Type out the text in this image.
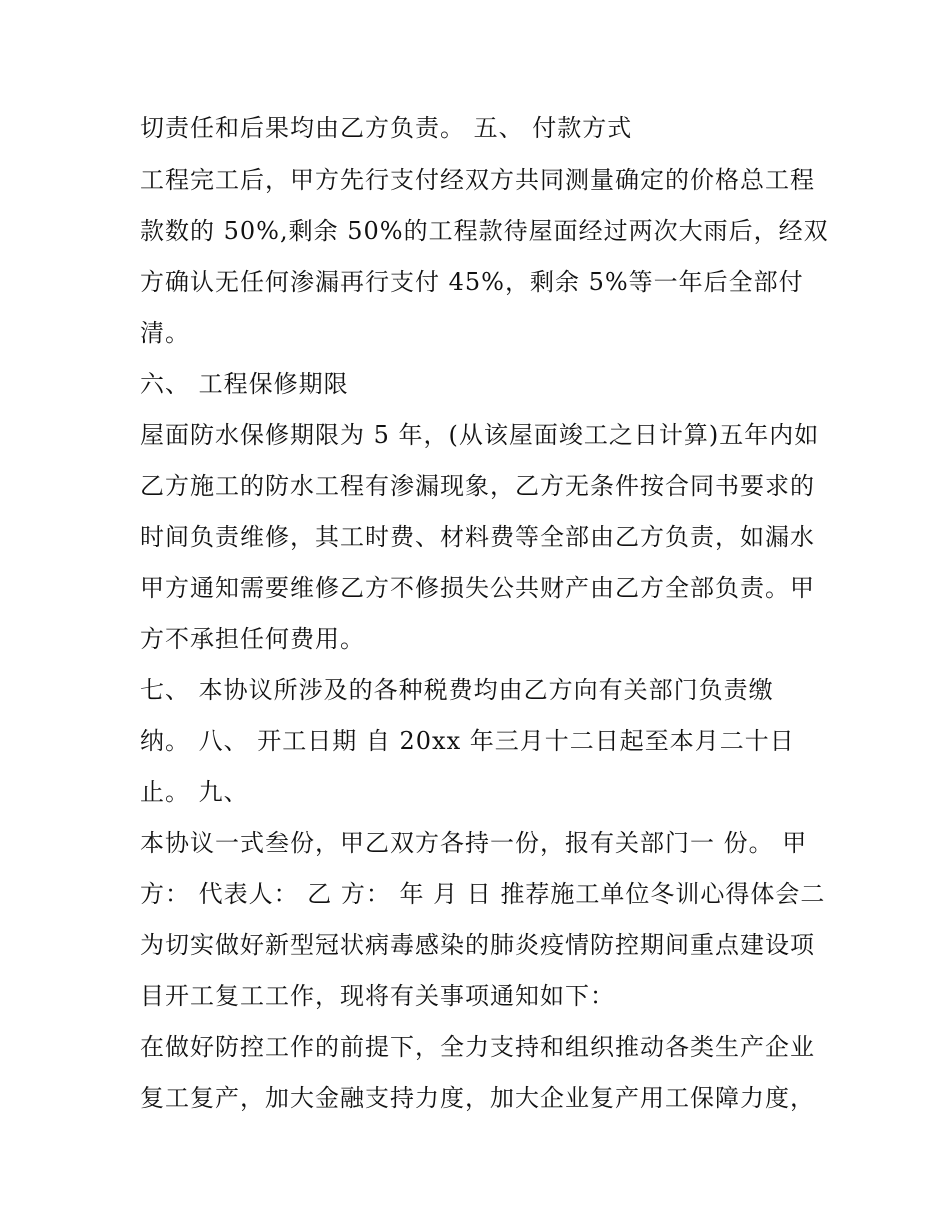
切责任和后果均由乙方负责。 五、 付款方式
工程完工后，甲方先行支付经双方共同测量确定的价格总工程
款数的 50%,剩余 50%的工程款待屋面经过两次大雨后，经双
方确认无任何渗漏再行支付 45%，剩余 5%等一年后全部付
清。
六、 工程保修期限
屋面防水保修期限为 5 年，(从该屋面竣工之日计算)五年内如
乙方施工的防水工程有渗漏现象，乙方无条件按合同书要求的
时间负责维修，其工时费、材料费等全部由乙方负责，如漏水
甲方通知需要维修乙方不修损失公共财产由乙方全部负责。甲
方不承担任何费用。
七、 本协议所涉及的各种税费均由乙方向有关部门负责缴
纳。 八、 开工日期 自 20xx 年三月十二日起至本月二十日
止。 九、
本协议一式叁份，甲乙双方各持一份，报有关部门一 份。 甲
方： 代表人： 乙 方： 年 月 日 推荐施工单位冬训心得体会二
为切实做好新型冠状病毒感染的肺炎疫情防控期间重点建设项
目开工复工工作，现将有关事项通知如下：
在做好防控工作的前提下，全力支持和组织推动各类生产企业
复工复产，加大金融支持力度，加大企业复产用工保障力度，
